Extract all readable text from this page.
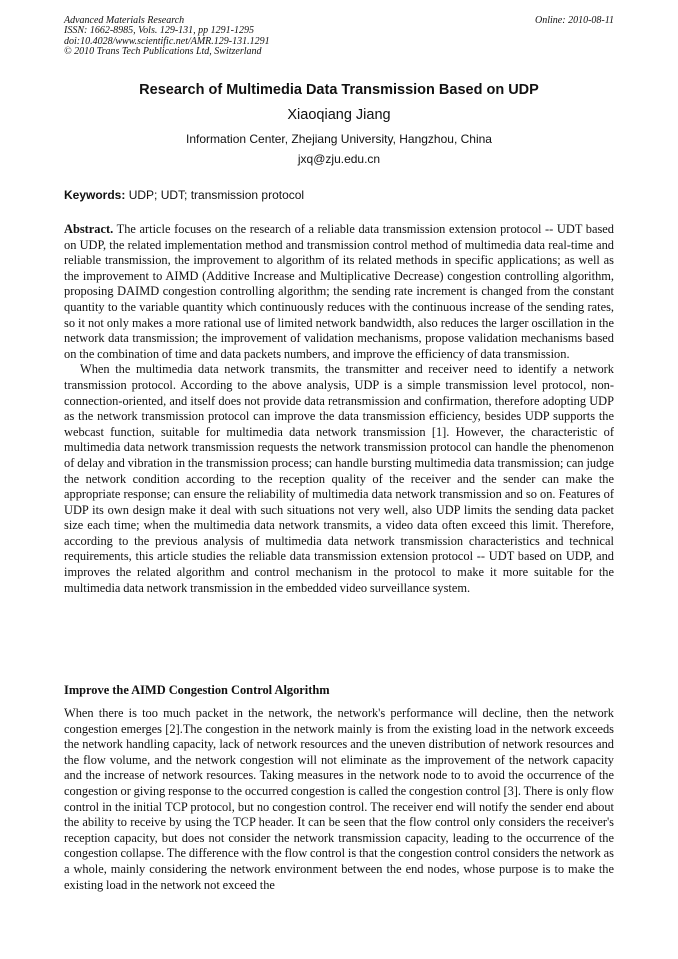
Advanced Materials Research
ISSN: 1662-8985, Vols. 129-131, pp 1291-1295
doi:10.4028/www.scientific.net/AMR.129-131.1291
© 2010 Trans Tech Publications Ltd, Switzerland
Online: 2010-08-11
Research of Multimedia Data Transmission Based on UDP
Xiaoqiang Jiang
Information Center, Zhejiang University, Hangzhou, China
jxq@zju.edu.cn
Keywords: UDP; UDT; transmission protocol

Abstract. The article focuses on the research of a reliable data transmission extension protocol -- UDT based on UDP, the related implementation method and transmission control method of multimedia data real-time and reliable transmission, the improvement to algorithm of its related methods in specific applications; as well as the improvement to AIMD (Additive Increase and Multiplicative Decrease) congestion controlling algorithm, proposing DAIMD congestion controlling algorithm; the sending rate increment is changed from the constant quantity to the variable quantity which continuously reduces with the continuous increase of the sending rates, so it not only makes a more rational use of limited network bandwidth, also reduces the larger oscillation in the network data transmission; the improvement of validation mechanisms, propose validation mechanisms based on the combination of time and data packets numbers, and improve the efficiency of data transmission.

When the multimedia data network transmits, the transmitter and receiver need to identify a network transmission protocol. According to the above analysis, UDP is a simple transmission level protocol, non-connection-oriented, and itself does not provide data retransmission and confirmation, therefore adopting UDP as the network transmission protocol can improve the data transmission efficiency, besides UDP supports the webcast function, suitable for multimedia data network transmission [1]. However, the characteristic of multimedia data network transmission requests the network transmission protocol can handle the phenomenon of delay and vibration in the transmission process; can handle bursting multimedia data transmission; can judge the network condition according to the reception quality of the receiver and the sender can make the appropriate response; can ensure the reliability of multimedia data network transmission and so on. Features of UDP its own design make it deal with such situations not very well, also UDP limits the sending data packet size each time; when the multimedia data network transmits, a video data often exceed this limit. Therefore, according to the previous analysis of multimedia data network transmission characteristics and technical requirements, this article studies the reliable data transmission extension protocol -- UDT based on UDP, and improves the related algorithm and control mechanism in the protocol to make it more suitable for the multimedia data network transmission in the embedded video surveillance system.

Improve the AIMD Congestion Control Algorithm

When there is too much packet in the network, the network's performance will decline, then the network congestion emerges [2].The congestion in the network mainly is from the existing load in the network exceeds the network handling capacity, lack of network resources and the uneven distribution of network resources and the flow volume, and the network congestion will not eliminate as the improvement of the network capacity and the increase of network resources. Taking measures in the network node to to avoid the occurrence of the congestion or giving response to the occurred congestion is called the congestion control [3]. There is only flow control in the initial TCP protocol, but no congestion control. The receiver end will notify the sender end about the ability to receive by using the TCP header. It can be seen that the flow control only considers the receiver's reception capacity, but does not consider the network transmission capacity, leading to the occurrence of the congestion collapse. The difference with the flow control is that the congestion control considers the network as a whole, mainly considering the network environment between the end nodes, whose purpose is to make the existing load in the network not exceed the
